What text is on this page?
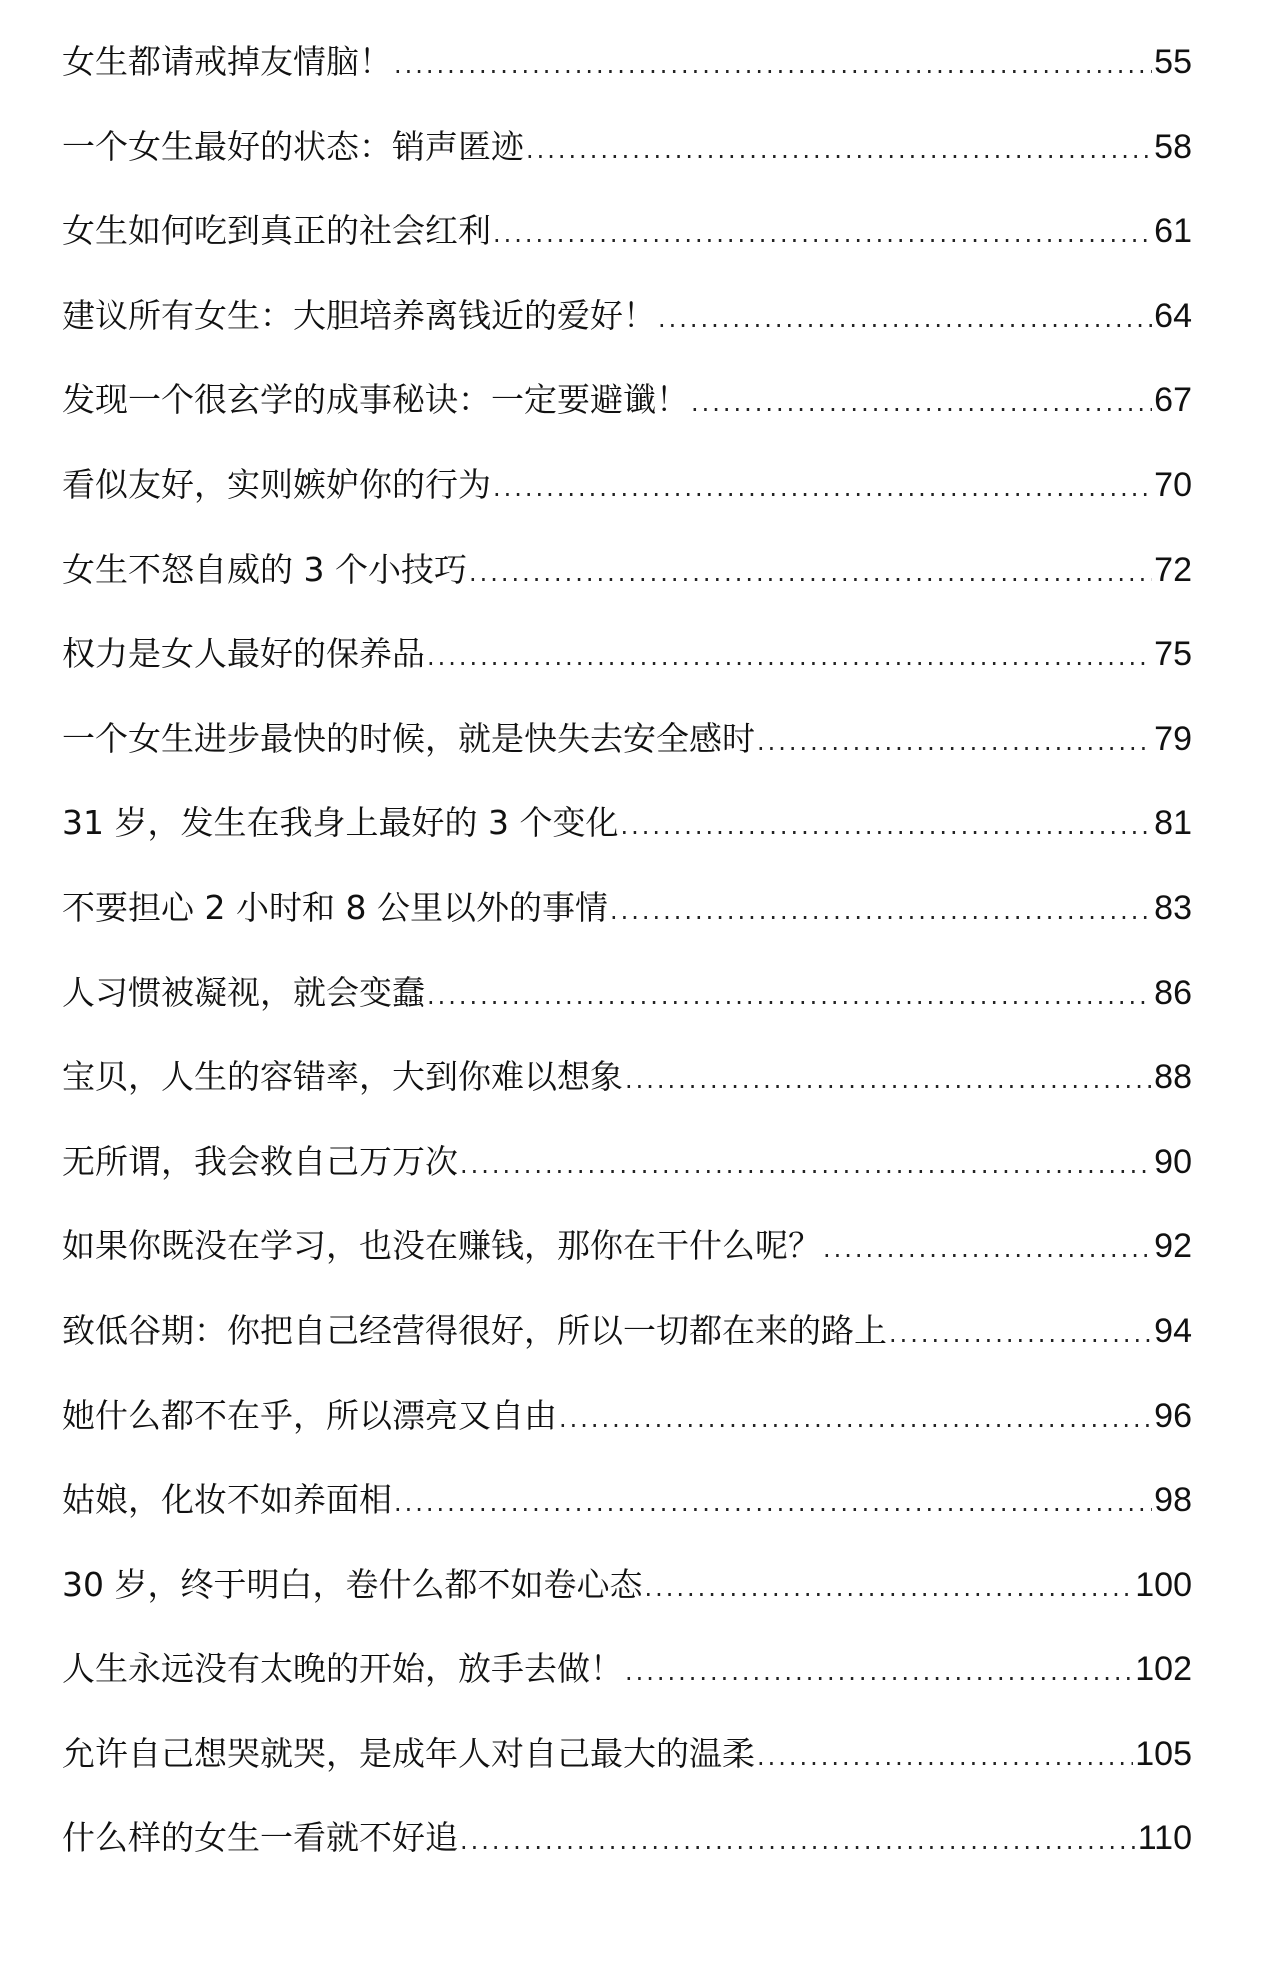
女生都请戒掉友情脑！ .....	55
一个女生最好的状态：销声匿迹 .....	58
女生如何吃到真正的社会红利 .....	61
建议所有女生：大胆培养离钱近的爱好！ .....	64
发现一个很玄学的成事秘诀：一定要避谶！ .....	67
看似友好，实则嫉妒你的行为 .....	70
女生不怒自威的 3 个小技巧 .....	72
权力是女人最好的保养品 .....	75
一个女生进步最快的时候，就是快失去安全感时 .....	79
31 岁，发生在我身上最好的 3 个变化 .....	81
不要担心 2 小时和 8 公里以外的事情 .....	83
人习惯被凝视，就会变蠢 .....	86
宝贝，人生的容错率，大到你难以想象 .....	88
无所谓，我会救自己万万次 .....	90
如果你既没在学习，也没在赚钱，那你在干什么呢？ .....	92
致低谷期：你把自己经营得很好，所以一切都在来的路上 .....	94
她什么都不在乎，所以漂亮又自由 .....	96
姑娘，化妆不如养面相 .....	98
30 岁，终于明白，卷什么都不如卷心态 .....	100
人生永远没有太晚的开始，放手去做！ .....	102
允许自己想哭就哭，是成年人对自己最大的温柔 .....	105
什么样的女生一看就不好追 .....	110
